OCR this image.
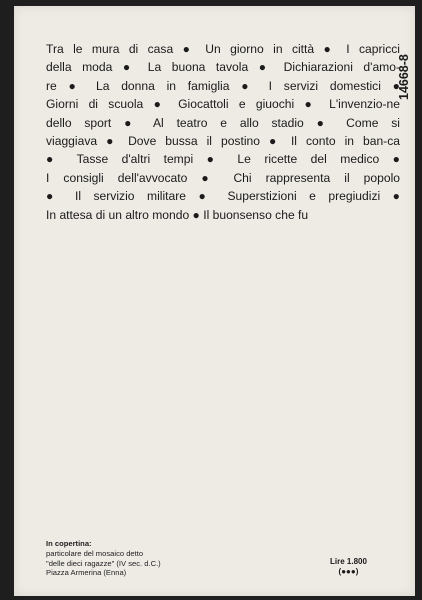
Tra le mura di casa ● Un giorno in città ● I capricci
della moda ● La buona tavola ● Dichiarazioni d'amo-
re ● La donna in famiglia ● I servizi domestici ●
Giorni di scuola ● Giocattoli e giuochi ● L'invenzio-ne
dello sport ● Al teatro e allo stadio ● Come si
viaggiava ● Dove bussa il postino ● Il conto in ban-ca
● Tasse d'altri tempi ● Le ricette del medico ●
I consigli dell'avvocato ● Chi rappresenta il popolo
● Il servizio militare ● Superstizioni e pregiudizi ●
In attesa di un altro mondo ● Il buonsenso che fu
14668-8
In copertina:
particolare del mosaico detto
"delle dieci ragazze" (IV sec. d.C.)
Piazza Armerina (Enna)
Lire 1.800
(●●●)
